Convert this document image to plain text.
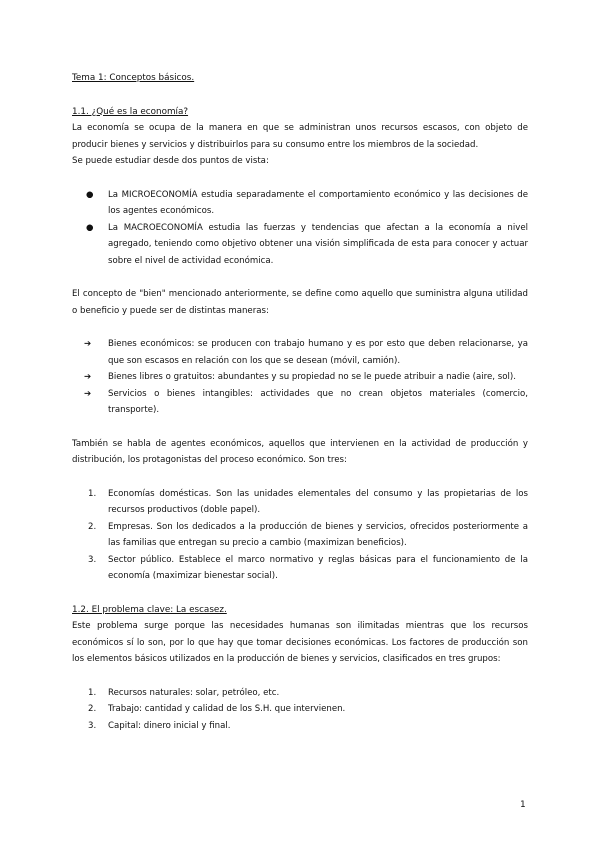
Tema 1: Conceptos básicos.

1.1. ¿Qué es la economía?

La economía se ocupa de la manera en que se administran unos recursos escasos, con objeto de producir bienes y servicios y distribuirlos para su consumo entre los miembros de la sociedad.

Se puede estudiar desde dos puntos de vista:

● La MICROECONOMÍA estudia separadamente el comportamiento económico y las decisiones de los agentes económicos.
● La MACROECONOMÍA estudia las fuerzas y tendencias que afectan a la economía a nivel agregado, teniendo como objetivo obtener una visión simplificada de esta para conocer y actuar sobre el nivel de actividad económica.

El concepto de "bien" mencionado anteriormente, se define como aquello que suministra alguna utilidad o beneficio y puede ser de distintas maneras:

➔ Bienes económicos: se producen con trabajo humano y es por esto que deben relacionarse, ya que son escasos en relación con los que se desean (móvil, camión).
➔ Bienes libres o gratuitos: abundantes y su propiedad no se le puede atribuir a nadie (aire, sol).
➔ Servicios o bienes intangibles: actividades que no crean objetos materiales (comercio, transporte).

También se habla de agentes económicos, aquellos que intervienen en la actividad de producción y distribución, los protagonistas del proceso económico. Son tres:

1. Economías domésticas. Son las unidades elementales del consumo y las propietarias de los recursos productivos (doble papel).
2. Empresas. Son los dedicados a la producción de bienes y servicios, ofrecidos posteriormente a las familias que entregan su precio a cambio (maximizan beneficios).
3. Sector público. Establece el marco normativo y reglas básicas para el funcionamiento de la economía (maximizar bienestar social).

1.2. El problema clave: La escasez.

Este problema surge porque las necesidades humanas son ilimitadas mientras que los recursos económicos sí lo son, por lo que hay que tomar decisiones económicas. Los factores de producción son los elementos básicos utilizados en la producción de bienes y servicios, clasificados en tres grupos:

1. Recursos naturales: solar, petróleo, etc.
2. Trabajo: cantidad y calidad de los S.H. que intervienen.
3. Capital: dinero inicial y final.
1
